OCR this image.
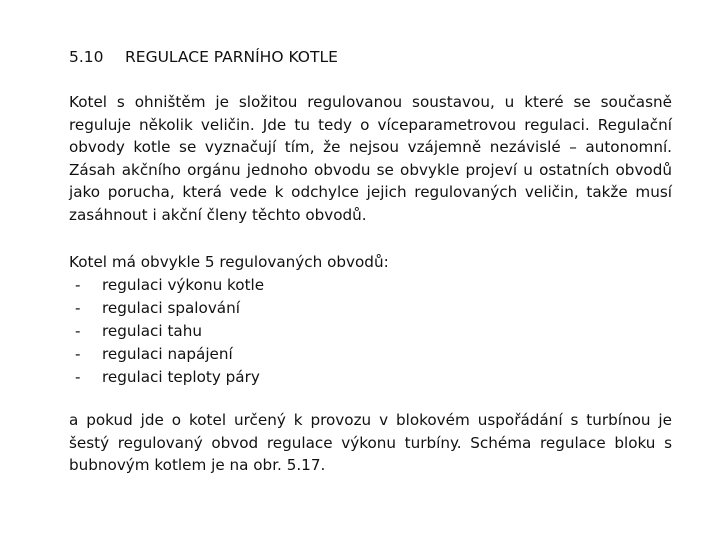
5.10 REGULACE PARNÍHO KOTLE

Kotel s ohništěm je složitou regulovanou soustavou, u které se současně reguluje několik veličin. Jde tu tedy o víceparametrovou regulaci. Regulační obvody kotle se vyznačují tím, že nejsou vzájemně nezávislé – autonomní. Zásah akčního orgánu jednoho obvodu se obvykle projeví u ostatních obvodů jako porucha, která vede k odchylce jejich regulovaných veličin, takže musí zasáhnout i akční členy těchto obvodů.

Kotel má obvykle 5 regulovaných obvodů:

- regulaci výkonu kotle
- regulaci spalování
- regulaci tahu
- regulaci napájení
- regulaci teploty páry

a pokud jde o kotel určený k provozu v blokovém uspořádání s turbínou je šestý regulovaný obvod regulace výkonu turbíny. Schéma regulace bloku s bubnovým kotlem je na obr. 5.17.
